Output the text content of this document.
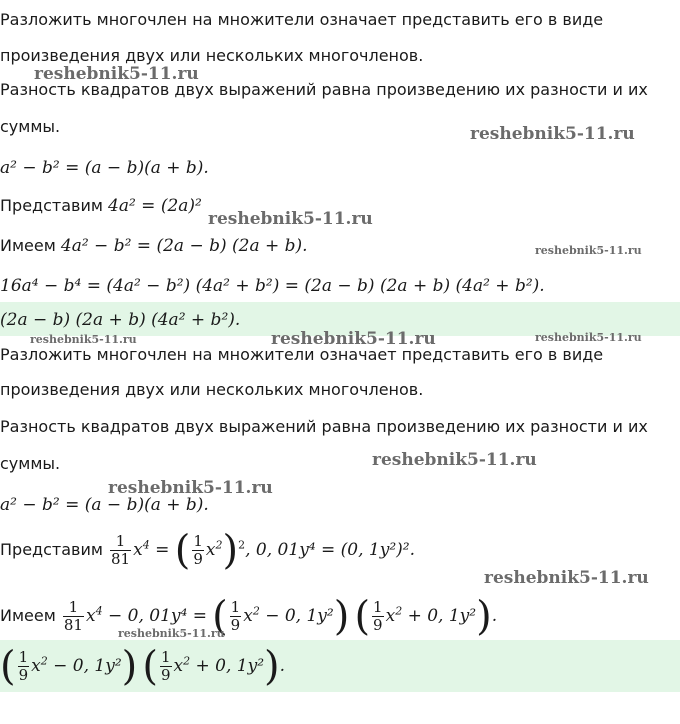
Разложить многочлен на множители означает представить его в виде
произведения двух или нескольких многочленов.
Разность квадратов двух выражений равна произведению их разности и их
суммы.
a² − b² = (a − b)(a + b).
Представим 4a² = (2a)²
Имеем 4a² − b² = (2a − b) (2a + b).
16a⁴ − b⁴ = (4a² − b²) (4a² + b²) = (2a − b) (2a + b) (4a² + b²).
(2a − b) (2a + b) (4a² + b²).
Разложить многочлен на множители означает представить его в виде
произведения двух или нескольких многочленов.
Разность квадратов двух выражений равна произведению их разности и их
суммы.
a² − b² = (a − b)(a + b).
Представим $\frac{1}{81} x^4$ = ( $\frac{1}{9} x^2)^2$, 0, 01y⁴ = (0, 1y²)².
Имеем $\frac{1}{81} x^4 - 0$, 01y⁴ = ( $\frac{1}{9} x^2 - 0$, 1y²) ( $\frac{1}{9} x^2 + 0$, 1y²).
( $\frac{1}{9} x^2 - 0$, 1y²) ( $\frac{1}{9} x^2 + 0$, 1y²).
reshebnik5-11.ru
reshebnik5-11.ru
reshebnik5-11.ru
reshebnik5-11.ru
reshebnik5-11.ru	reshebnik5-11.ru	reshebnik5-11.ru
reshebnik5-11.ru
reshebnik5-11.ru
reshebnik5-11.ru
reshebnik5-11.ru
